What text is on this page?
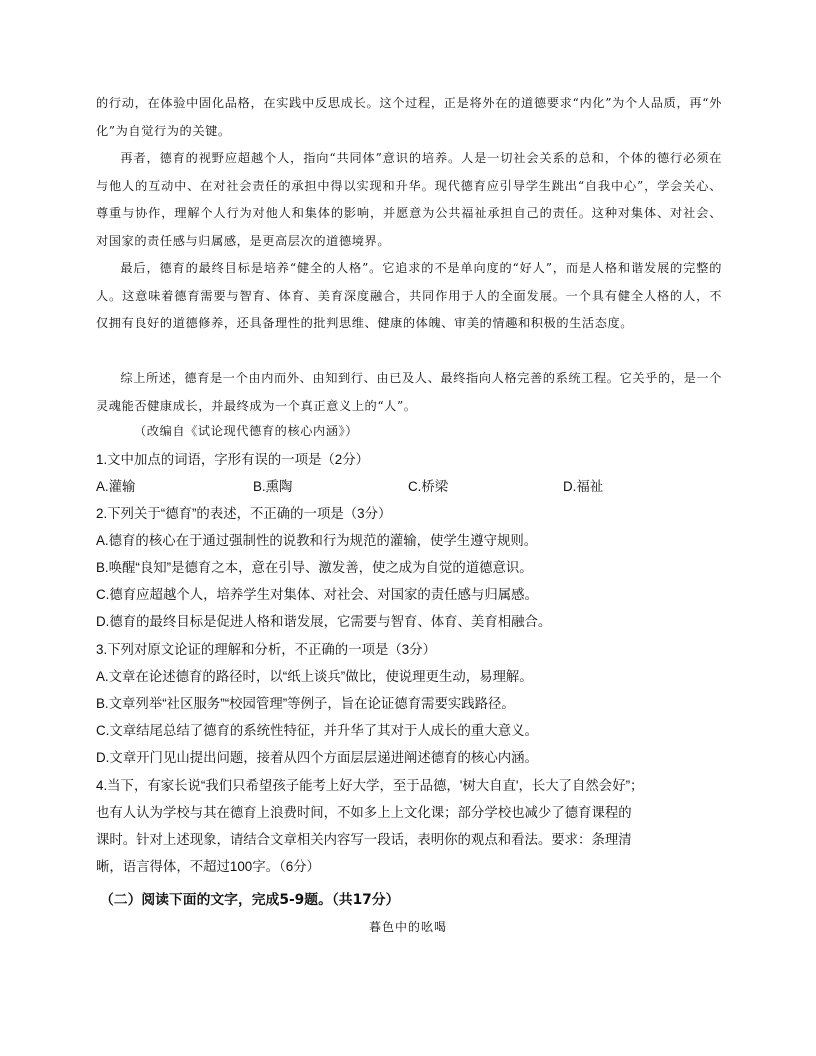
的行动，在体验中固化品格，在实践中反思成长。这个过程，正是将外在的道德要求“内化”为个人品质，再“外化”为自觉行为的关键。
再者，德育的视野应超越个人，指向“共同体”意识的培养。人是一切社会关系的总和，个体的德行必须在与他人的互动中、在对社会责任的承担中得以实现和升华。现代德育应引导学生跳出“自我中心”，学会关心、尊重与协作，理解个人行为对他人和集体的影响，并愿意为公共福祉承担自己的责任。这种对集体、对社会、对国家的责任感与归属感，是更高层次的道德境界。
最后，德育的最终目标是培养“健全的人格”。它追求的不是单向度的“好人”，而是人格和谐发展的完整的人。这意味着德育需要与智育、体育、美育深度融合，共同作用于人的全面发展。一个具有健全人格的人，不仅拥有良好的道德修养，还具备理性的批判思维、健康的体魄、审美的情趣和积极的生活态度。
综上所述，德育是一个由内而外、由知到行、由已及人、最终指向人格完善的系统工程。它关乎的，是一个灵魂能否健康成长，并最终成为一个真正意义上的“人”。
（改编自《试论现代德育的核心内涵》）
1.文中加点的词语，字形有误的一项是（2分）
A.灌输	B.熏陶	C.桥梁	D.福祉
2.下列关于“德育”的表述，不正确的一项是（3分）
A.德育的核心在于通过强制性的说教和行为规范的灌输，使学生遵守规则。
B.唤醒“良知”是德育之本，意在引导、激发善，使之成为自觉的道德意识。
C.德育应超越个人，培养学生对集体、对社会、对国家的责任感与归属感。
D.德育的最终目标是促进人格和谐发展，它需要与智育、体育、美育相融合。
3.下列对原文论证的理解和分析，不正确的一项是（3分）
A.文章在论述德育的路径时，以“纸上谈兵”做比，使说理更生动，易理解。
B.文章列举“社区服务”“校园管理”等例子，旨在论证德育需要实践路径。
C.文章结尾总结了德育的系统性特征，并升华了其对于人成长的重大意义。
D.文章开门见山提出问题，接着从四个方面层层递进阐述德育的核心内涵。
4.当下，有家长说“我们只希望孩子能考上好大学，至于品德，'树大自直'，长大了自然会好”；
也有人认为学校与其在德育上浪费时间，不如多上上文化课；部分学校也减少了德育课程的
课时。针对上述现象，请结合文章相关内容写一段话，表明你的观点和看法。要求：条理清
晰，语言得体，不超过100字。（6分）
（二）阅读下面的文字，完成5-9题。（共17分）
暮色中的吆喝
